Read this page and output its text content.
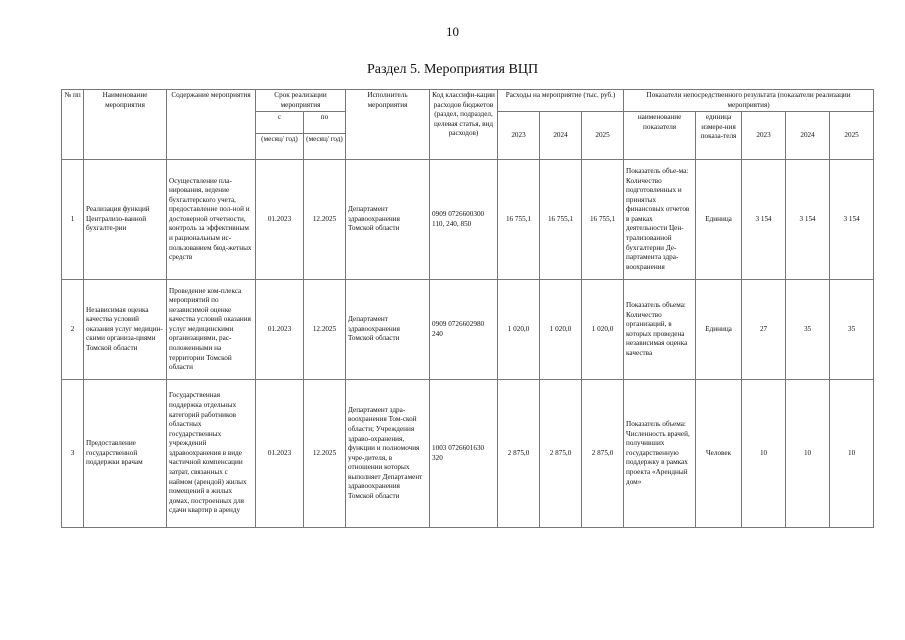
10
Раздел 5. Мероприятия ВЦП
№ пп	Наименование мероприятия	Содержание мероприятия	Срок реализации мероприятия		Исполнитель мероприятия	Код классифи-кации расходов бюджетов (раздел, подраздел, целевая статья, вид расходов)	Расходы на мероприятие (тыс. руб.)			Показатели непосредственного результата (показатели реализации мероприятия)				
			с	по			2023	2024	2025	наименование показателя	единица измере-ния показа-теля	2023	2024	2025
			(месяц/ год)	(месяц/ год)										
1	Реализация функций Централизо-ванной бухгалте-рии	Осуществление пла-нирования, ведение бухгалтерского учета, предоставление пол-ной и достоверной отчетности, контроль за эффективным и рациональным ис-пользованием бюд-жетных средств	01.2023	12.2025	Департамент здравоохранения Томской области	0909 0726600300 110, 240, 850	16 755,1	16 755,1	16 755,1	Показатель объе-ма: Количество подготовленных и принятых финансовых отчетов в рамках деятельности Цен-трализованной бухгалтерии Де-партамента здра-воохранения	Единица	3 154	3 154	3 154
2	Независимая оценка качества условий оказания услуг медицин-скими организа-циями Томской области	Проведение ком-плекса мероприятий по независимой оценке качества условий оказания услуг медицинскими организациями, рас-положенными на территории Томской области	01.2023	12.2025	Департамент здравоохранения Томской области	0909 0726602980 240	1 020,0	1 020,0	1 020,0	Показатель объема: Количество организаций, в которых проведена независимая оценка качества	Единица	27	35	35
3	Предоставление государственной поддержки врачам	Государственная поддержка отдельных категорий работников областных государственных учреждений здравоохранения в виде частичной компенсации затрат, связанных с наймом (арендой) жилых помещений в жилых домах, построенных для сдачи квартир в аренду	01.2023	12.2025	Департамент здра-воохранения Том-ской области; Учреждения здраво-охранения, функции и полномочия учре-дителя, в отношении которых выполняет Департамент здравоохранения Томской области	1003 0726601630 320	2 875,0	2 875,0	2 875,0	Показатель объема: Численность врачей, получивших государственную поддержку в рамках проекта «Арендный дом»	Человек	10	10	10
